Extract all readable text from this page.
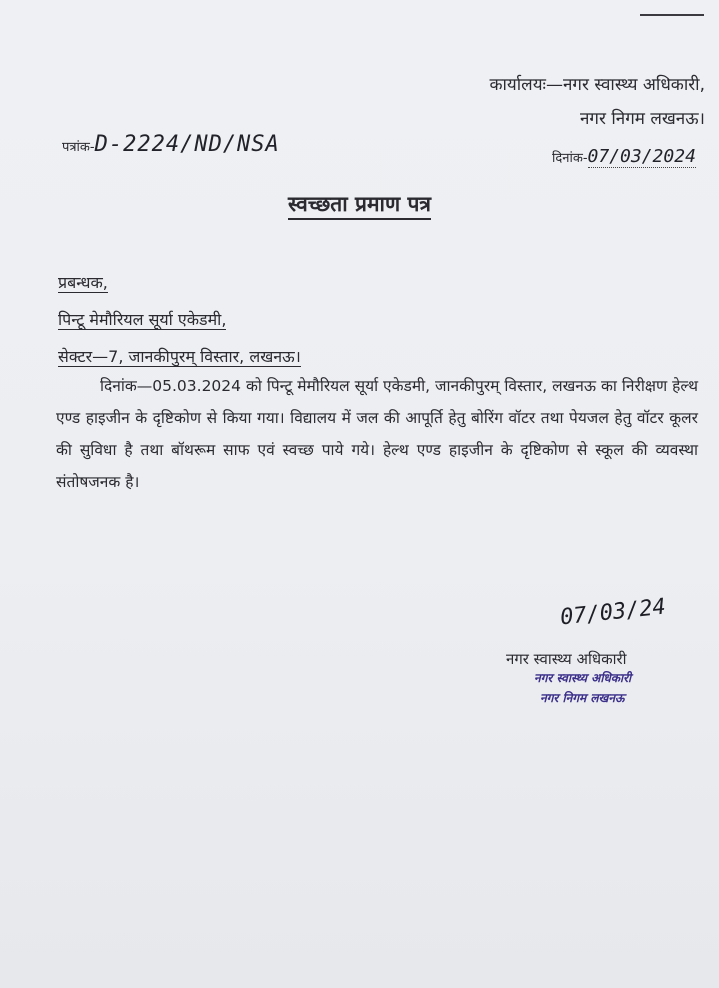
कार्यालयः—नगर स्वास्थ्य अधिकारी,
नगर निगम लखनऊ।
पत्रांक-D-2224/ND/NSA
दिनांक-07/03/2024
स्वच्छता प्रमाण पत्र
प्रबन्धक,
पिन्टू मेमौरियल सूर्या एकेडमी,
सेक्टर—7, जानकीपुरम् विस्तार, लखनऊ।
दिनांक—05.03.2024 को पिन्टू मेमौरियल सूर्या एकेडमी, जानकीपुरम् विस्तार, लखनऊ का निरीक्षण हेल्थ एण्ड हाइजीन के दृष्टिकोण से किया गया। विद्यालय में जल की आपूर्ति हेतु बोरिंग वॉटर तथा पेयजल हेतु वॉटर कूलर की सुविधा है तथा बॉथरूम साफ एवं स्वच्छ पाये गये। हेल्थ एण्ड हाइजीन के दृष्टिकोण से स्कूल की व्यवस्था संतोषजनक है।
07/03/24
नगर स्वास्थ्य अधिकारी
नगर स्वास्थ्य अधिकारी
नगर निगम लखनऊ
